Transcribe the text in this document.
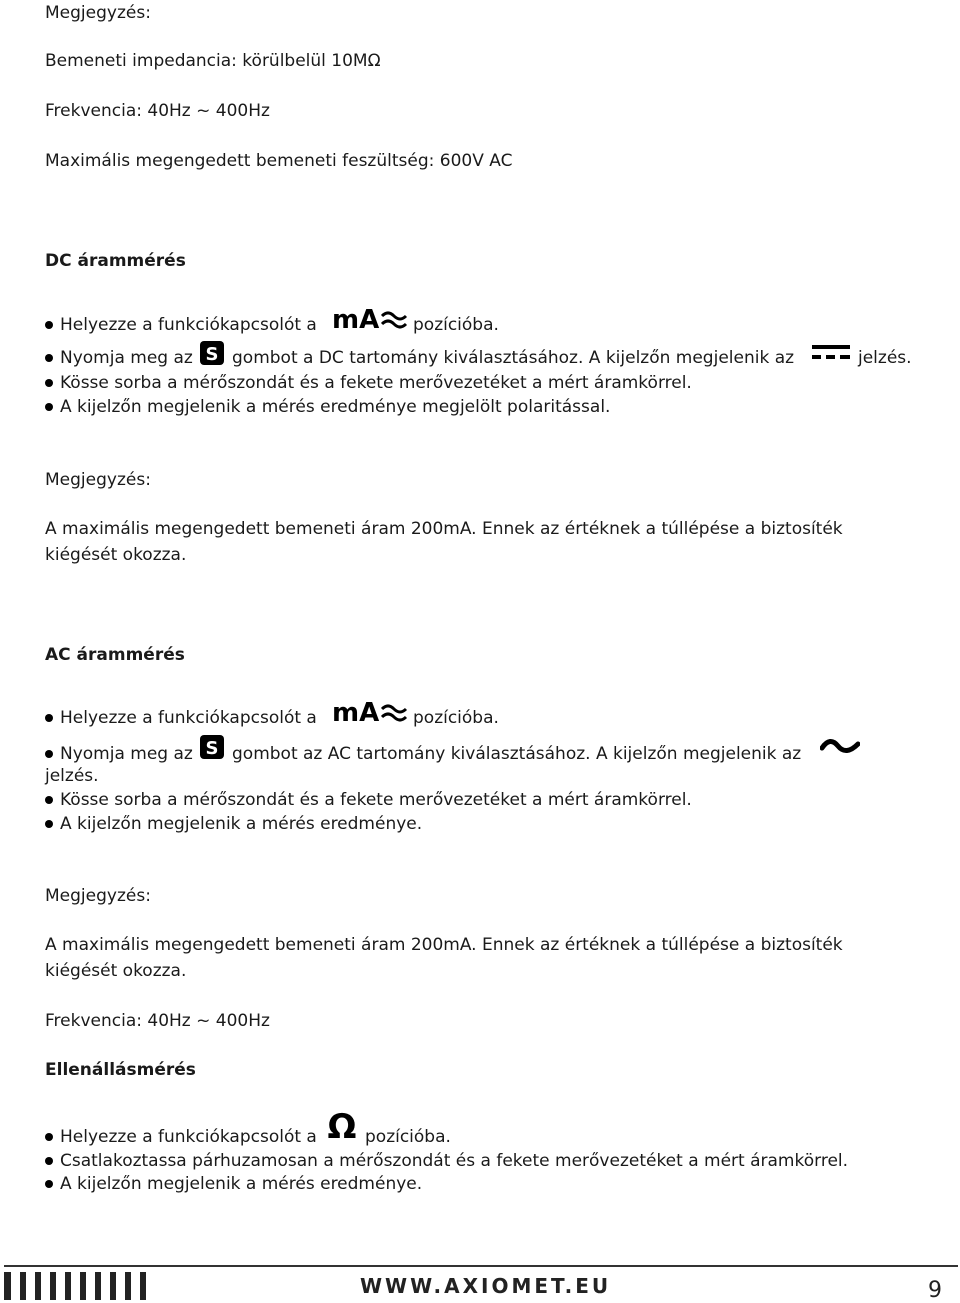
Megjegyzés:
Bemeneti impedancia: körülbelül 10MΩ
Frekvencia: 40Hz ~ 400Hz
Maximális megengedett bemeneti feszültség: 600V AC
DC árammérés
Helyezze a funkciókapcsolót a mA pozícióba.
Nyomja meg az S gombot a DC tartomány kiválasztásához. A kijelzőn megjelenik az	jelzés.
Kösse sorba a mérőszondát és a fekete merővezetéket a mért áramkörrel.
A kijelzőn megjelenik a mérés eredménye megjelölt polaritással.
Megjegyzés:
A maximális megengedett bemeneti áram 200mA. Ennek az értéknek a túllépése a biztosíték
kiégését okozza.
AC árammérés
Helyezze a funkciókapcsolót a mA pozícióba.
Nyomja meg az S gombot az AC tartomány kiválasztásához. A kijelzőn megjelenik az
jelzés.
Kösse sorba a mérőszondát és a fekete merővezetéket a mért áramkörrel.
A kijelzőn megjelenik a mérés eredménye.
Megjegyzés:
A maximális megengedett bemeneti áram 200mA. Ennek az értéknek a túllépése a biztosíték
kiégését okozza.
Frekvencia: 40Hz ~ 400Hz
Ellenállásmérés
Helyezze a funkciókapcsolót a Ω pozícióba.
Csatlakoztassa párhuzamosan a mérőszondát és a fekete merővezetéket a mért áramkörrel.
A kijelzőn megjelenik a mérés eredménye.
WWW.AXIOMET.EU	9
